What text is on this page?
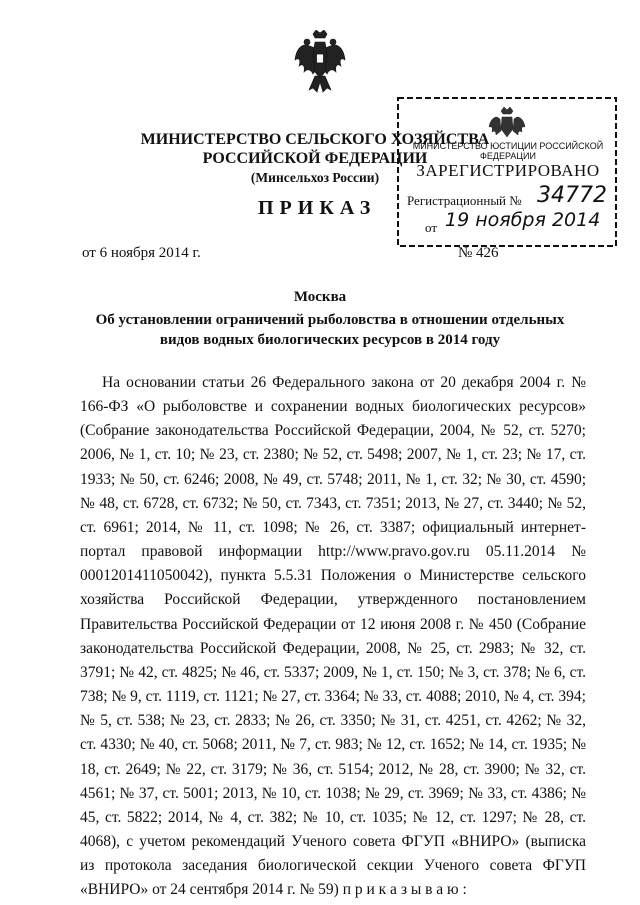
МИНИСТЕРСТВО СЕЛЬСКОГО ХОЗЯЙСТВА
РОССИЙСКОЙ ФЕДЕРАЦИИ
(Минсельхоз России)
МИНИСТЕРСТВО ЮСТИЦИИ РОССИЙСКОЙ ФЕДЕРАЦИИ
ЗАРЕГИСТРИРОВАНО
Регистрационный № 34772
от 19 ноября 2014
ПРИКАЗ
от 6 ноября 2014 г.	№ 426
Москва
Об установлении ограничений рыболовства в отношении отдельных
видов водных биологических ресурсов в 2014 году

На основании статьи 26 Федерального закона от 20 декабря 2004 г. № 166-ФЗ «О рыболовстве и сохранении водных биологических ресурсов» (Собрание законодательства Российской Федерации, 2004, № 52, ст. 5270; 2006, № 1, ст. 10; № 23, ст. 2380; № 52, ст. 5498; 2007, № 1, ст. 23; № 17, ст. 1933; № 50, ст. 6246; 2008, № 49, ст. 5748; 2011, № 1, ст. 32; № 30, ст. 4590; № 48, ст. 6728, ст. 6732; № 50, ст. 7343, ст. 7351; 2013, № 27, ст. 3440; № 52, ст. 6961; 2014, № 11, ст. 1098; № 26, ст. 3387; официальный интернет-портал правовой информации http://www.pravo.gov.ru 05.11.2014 № 0001201411050042), пункта 5.5.31 Положения о Министерстве сельского хозяйства Российской Федерации, утвержденного постановлением Правительства Российской Федерации от 12 июня 2008 г. № 450 (Собрание законодательства Российской Федерации, 2008, № 25, ст. 2983; № 32, ст. 3791; № 42, ст. 4825; № 46, ст. 5337; 2009, № 1, ст. 150; № 3, ст. 378; № 6, ст. 738; № 9, ст. 1119, ст. 1121; № 27, ст. 3364; № 33, ст. 4088; 2010, № 4, ст. 394; № 5, ст. 538; № 23, ст. 2833; № 26, ст. 3350; № 31, ст. 4251, ст. 4262; № 32, ст. 4330; № 40, ст. 5068; 2011, № 7, ст. 983; № 12, ст. 1652; № 14, ст. 1935; № 18, ст. 2649; № 22, ст. 3179; № 36, ст. 5154; 2012, № 28, ст. 3900; № 32, ст. 4561; № 37, ст. 5001; 2013, № 10, ст. 1038; № 29, ст. 3969; № 33, ст. 4386; № 45, ст. 5822; 2014, № 4, ст. 382; № 10, ст. 1035; № 12, ст. 1297; № 28, ст. 4068), с учетом рекомендаций Ученого совета ФГУП «ВНИРО» (выписка из протокола заседания биологической секции Ученого совета ФГУП «ВНИРО» от 24 сентября 2014 г. № 59) п р и к а з ы в а ю :
